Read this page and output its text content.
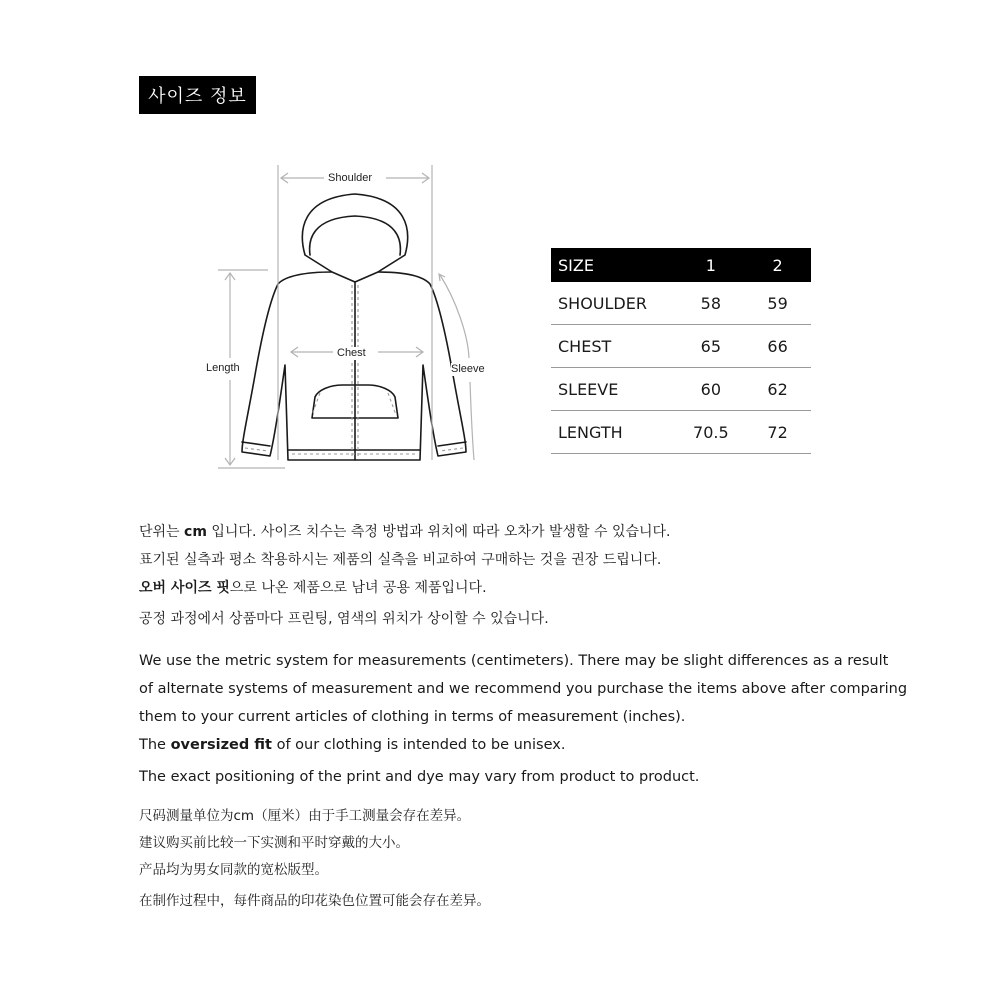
사이즈 정보
Shoulder
Chest
Length	Sleeve
SIZE	1	2
SHOULDER	58	59
CHEST	65	66
SLEEVE	60	62
LENGTH	70.5	72

단위는 cm 입니다. 사이즈 치수는 측정 방법과 위치에 따라 오차가 발생할 수 있습니다.

표기된 실측과 평소 착용하시는 제품의 실측을 비교하여 구매하는 것을 권장 드립니다.

오버 사이즈 핏으로 나온 제품으로 남녀 공용 제품입니다.

공정 과정에서 상품마다 프린팅, 염색의 위치가 상이할 수 있습니다.

We use the metric system for measurements (centimeters). There may be slight differences as a result

of alternate systems of measurement and we recommend you purchase the items above after comparing

them to your current articles of clothing in terms of measurement (inches).

The oversized fit of our clothing is intended to be unisex.

The exact positioning of the print and dye may vary from product to product.

尺码测量单位为cm（厘米）由于手工测量会存在差异。

建议购买前比较一下实测和平时穿戴的大小。

产品均为男女同款的宽松版型。

在制作过程中，每件商品的印花染色位置可能会存在差异。
